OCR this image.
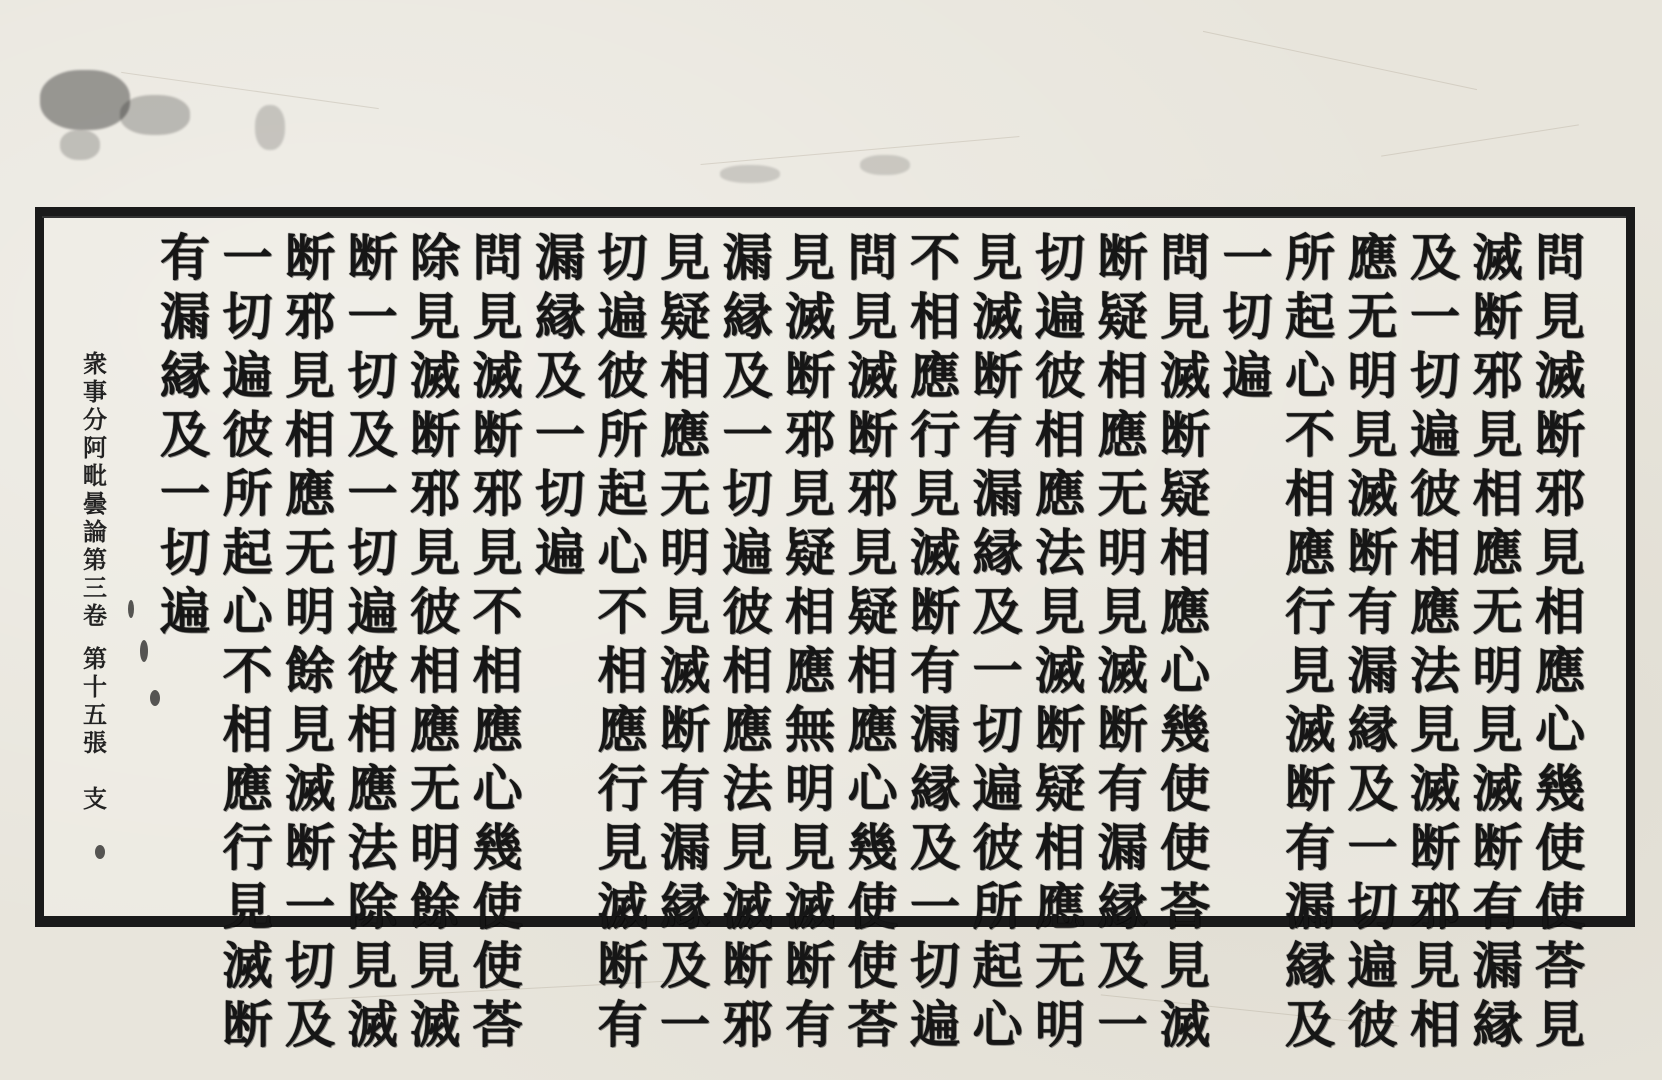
問
見
滅
断
邪
見
相
應
心
幾
使
使
荅
見
滅
断
邪
見
相
應
无
明
見
滅
断
有
漏
縁
及
一
切
遍
彼
相
應
法
見
滅
断
邪
見
相
應
无
明
見
滅
断
有
漏
縁
及
一
切
遍
彼
所
起
心
不
相
應
行
見
滅
断
有
漏
縁
及
一
切
遍
問
見
滅
断
疑
相
應
心
幾
使
使
荅
見
滅
断
疑
相
應
无
明
見
滅
断
有
漏
縁
及
一
切
遍
彼
相
應
法
見
滅
断
疑
相
應
无
明
見
滅
断
有
漏
縁
及
一
切
遍
彼
所
起
心
不
相
應
行
見
滅
断
有
漏
縁
及
一
切
遍
問
見
滅
断
邪
見
疑
相
應
心
幾
使
使
荅
見
滅
断
邪
見
疑
相
應
無
明
見
滅
断
有
漏
縁
及
一
切
遍
彼
相
應
法
見
滅
断
邪
見
疑
相
應
无
明
見
滅
断
有
漏
縁
及
一
切
遍
彼
所
起
心
不
相
應
行
見
滅
断
有
漏
縁
及
一
切
遍
問
見
滅
断
邪
見
不
相
應
心
幾
使
使
荅
除
見
滅
断
邪
見
彼
相
應
无
明
餘
見
滅
断
一
切
及
一
切
遍
彼
相
應
法
除
見
滅
断
邪
見
相
應
无
明
餘
見
滅
断
一
切
及
一
切
遍
彼
所
起
心
不
相
應
行
見
滅
断
有
漏
縁
及
一
切
遍
衆
事
分
阿
毗
曇
論
第
三
卷
第
十
五
張

支
